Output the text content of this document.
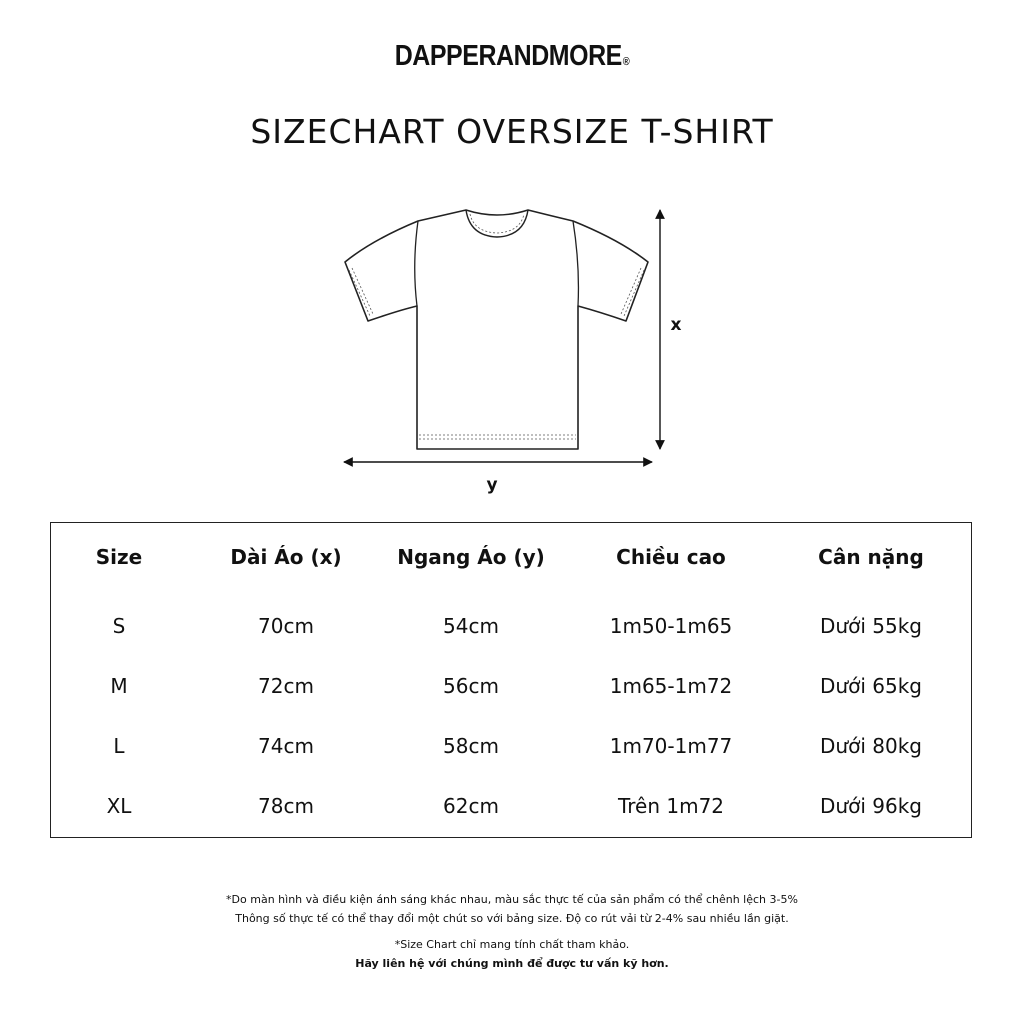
DAPPERANDMORE®
SIZECHART OVERSIZE T-SHIRT
x
y
Size	Dài Áo (x)	Ngang Áo (y)	Chiều cao	Cân nặng
S	70cm	54cm	1m50-1m65	Dưới 55kg
M	72cm	56cm	1m65-1m72	Dưới 65kg
L	74cm	58cm	1m70-1m77	Dưới 80kg
XL	78cm	62cm	Trên 1m72	Dưới 96kg
*Do màn hình và điều kiện ánh sáng khác nhau, màu sắc thực tế của sản phẩm có thể chênh lệch 3-5%
Thông số thực tế có thể thay đổi một chút so với bảng size. Độ co rút vải từ 2-4% sau nhiều lần giặt.
*Size Chart chỉ mang tính chất tham khảo.
Hãy liên hệ với chúng mình để được tư vấn kỹ hơn.
